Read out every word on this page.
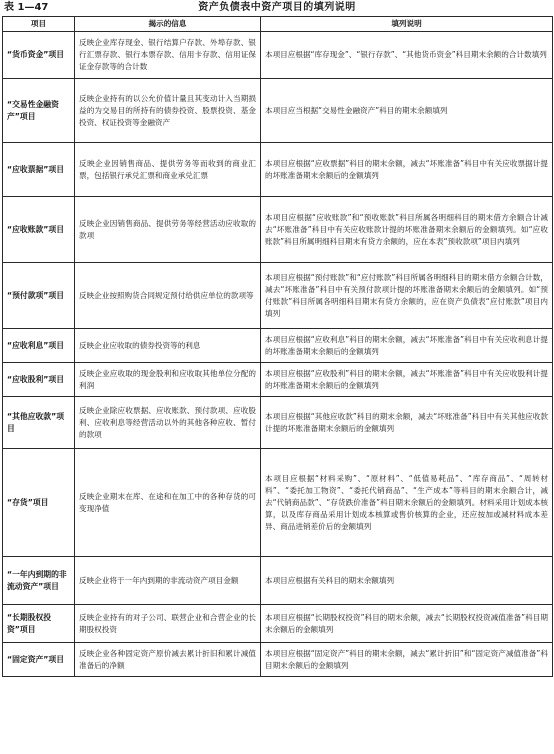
表 1—47	资产负债表中资产项目的填列说明
项目	揭示的信息	填列说明
“货币资金”项目	反映企业库存现金、银行结算户存款、外埠存款、银行汇票存款、银行本票存款、信用卡存款、信用证保证金存款等的合计数	本项目应根据“库存现金”、“银行存款”、“其他货币资金”科目期末余额的合计数填列
“交易性金融资产”项目	反映企业持有的以公允价值计量且其变动计入当期损益的为交易目的所持有的债券投资、股票投资、基金投资、权证投资等金融资产	本项目应当根据“交易性金融资产”科目的期末余额填列
“应收票据”项目	反映企业因销售商品、提供劳务等而收到的商业汇票，包括银行承兑汇票和商业承兑汇票	本项目应根据“应收票据”科目的期末余额，减去“坏账准备”科目中有关应收票据计提的坏账准备期末余额后的金额填列
“应收账款”项目	反映企业因销售商品、提供劳务等经营活动应收取的款项	本项目应根据“应收账款”和“预收账款”科目所属各明细科目的期末借方余额合计减去“坏账准备”科目中有关应收账款计提的坏账准备期末余额后的金额填列。如“应收账款”科目所属明细科目期末有贷方余额的，应在本表“预收款项”项目内填列
“预付款项”项目	反映企业按照购货合同规定预付给供应单位的款项等	本项目应根据“预付账款”和“应付账款”科目所属各明细科目的期末借方余额合计数，减去“坏账准备”科目中有关预付款项计提的坏账准备期末余额后的金额填列。如“预付账款”科目所属各明细科目期末有贷方余额的，应在资产负债表“应付账款”项目内填列
“应收利息”项目	反映企业应收取的债券投资等的利息	本项目应根据“应收利息”科目的期末余额，减去“坏账准备”科目中有关应收利息计提的坏账准备期末余额后的金额填列
“应收股利”项目	反映企业应收取的现金股利和应收取其他单位分配的利润	本项目应根据“应收股利”科目的期末余额，减去“坏账准备”科目中有关应收股利计提的坏账准备期末余额后的金额填列
“其他应收款”项目	反映企业除应收票据、应收账款、预付款项、应收股利、应收利息等经营活动以外的其他各种应收、暂付的款项	本项目应根据“其他应收款”科目的期末余额，减去“坏账准备”科目中有关其他应收款计提的坏账准备期末余额后的金额填列
“存货”项目	反映企业期末在库、在途和在加工中的各种存货的可变现净值	本项目应根据“材料采购”、“原材料”、“低值易耗品”、“库存商品”、“周转材料”、“委托加工物资”、“委托代销商品”、“生产成本”等科目的期末余额合计，减去“代销商品款”、“存货跌价准备”科目期末余额后的金额填列。材料采用计划成本核算，以及库存商品采用计划成本核算或售价核算的企业，还应按加或减材料成本差异、商品进销差价后的金额填列
“一年内到期的非流动资产”项目	反映企业将于一年内到期的非流动资产项目金额	本项目应根据有关科目的期末余额填列
“长期股权投资”项目	反映企业持有的对子公司、联营企业和合营企业的长期股权投资	本项目应根据“长期股权投资”科目的期末余额，减去“长期股权投资减值准备”科目期末余额后的金额填列
“固定资产”项目	反映企业各种固定资产原价减去累计折旧和累计减值准备后的净额	本项目应根据“固定资产”科目的期末余额，减去“累计折旧”和“固定资产减值准备”科目期末余额后的金额填列
